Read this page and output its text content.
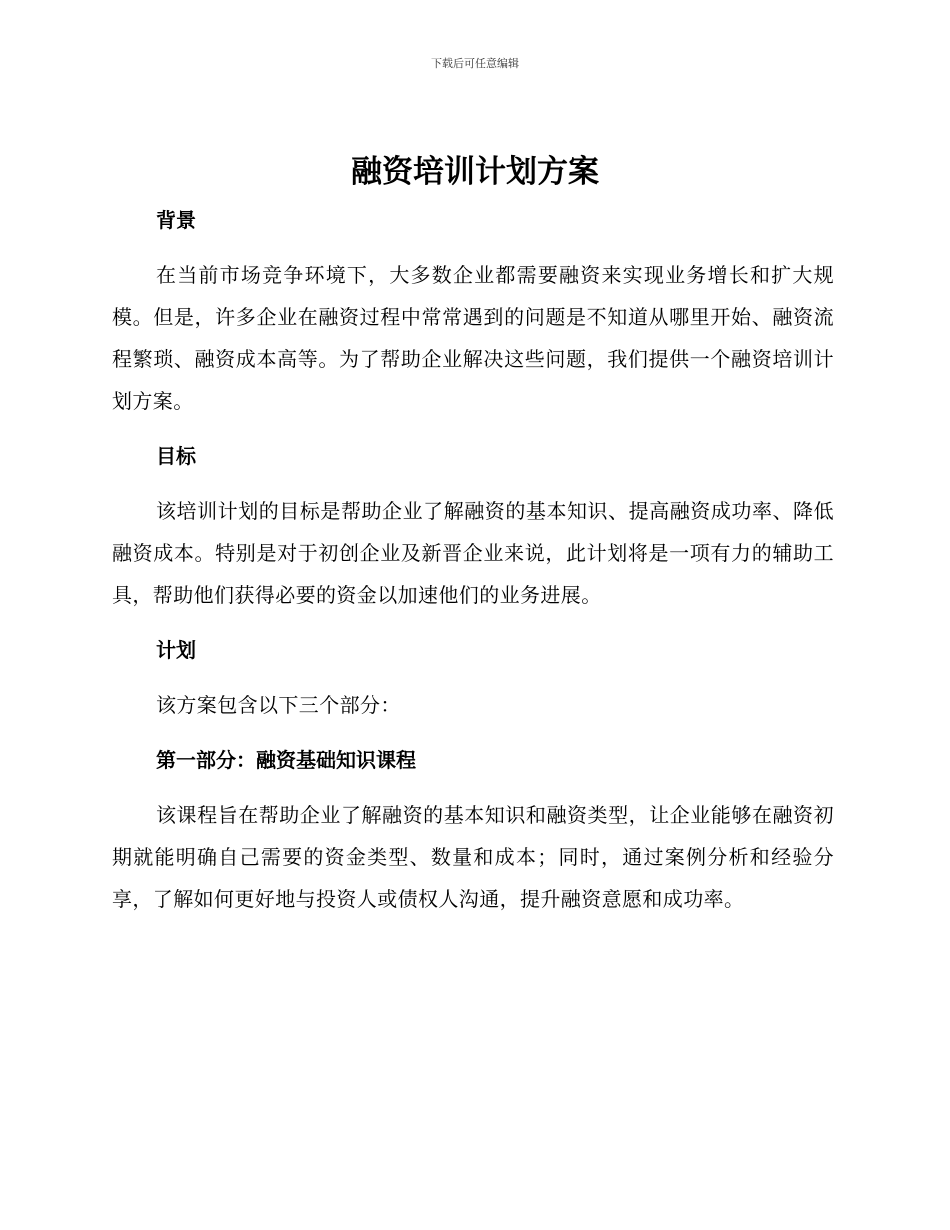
下载后可任意编辑
融资培训计划方案
背景

在当前市场竞争环境下，大多数企业都需要融资来实现业务增长和扩大规模。但是，许多企业在融资过程中常常遇到的问题是不知道从哪里开始、融资流程繁琐、融资成本高等。为了帮助企业解决这些问题，我们提供一个融资培训计划方案。

目标

该培训计划的目标是帮助企业了解融资的基本知识、提高融资成功率、降低融资成本。特别是对于初创企业及新晋企业来说，此计划将是一项有力的辅助工具，帮助他们获得必要的资金以加速他们的业务进展。

计划

该方案包含以下三个部分：

第一部分：融资基础知识课程

该课程旨在帮助企业了解融资的基本知识和融资类型，让企业能够在融资初期就能明确自己需要的资金类型、数量和成本；同时，通过案例分析和经验分享，了解如何更好地与投资人或债权人沟通，提升融资意愿和成功率。
